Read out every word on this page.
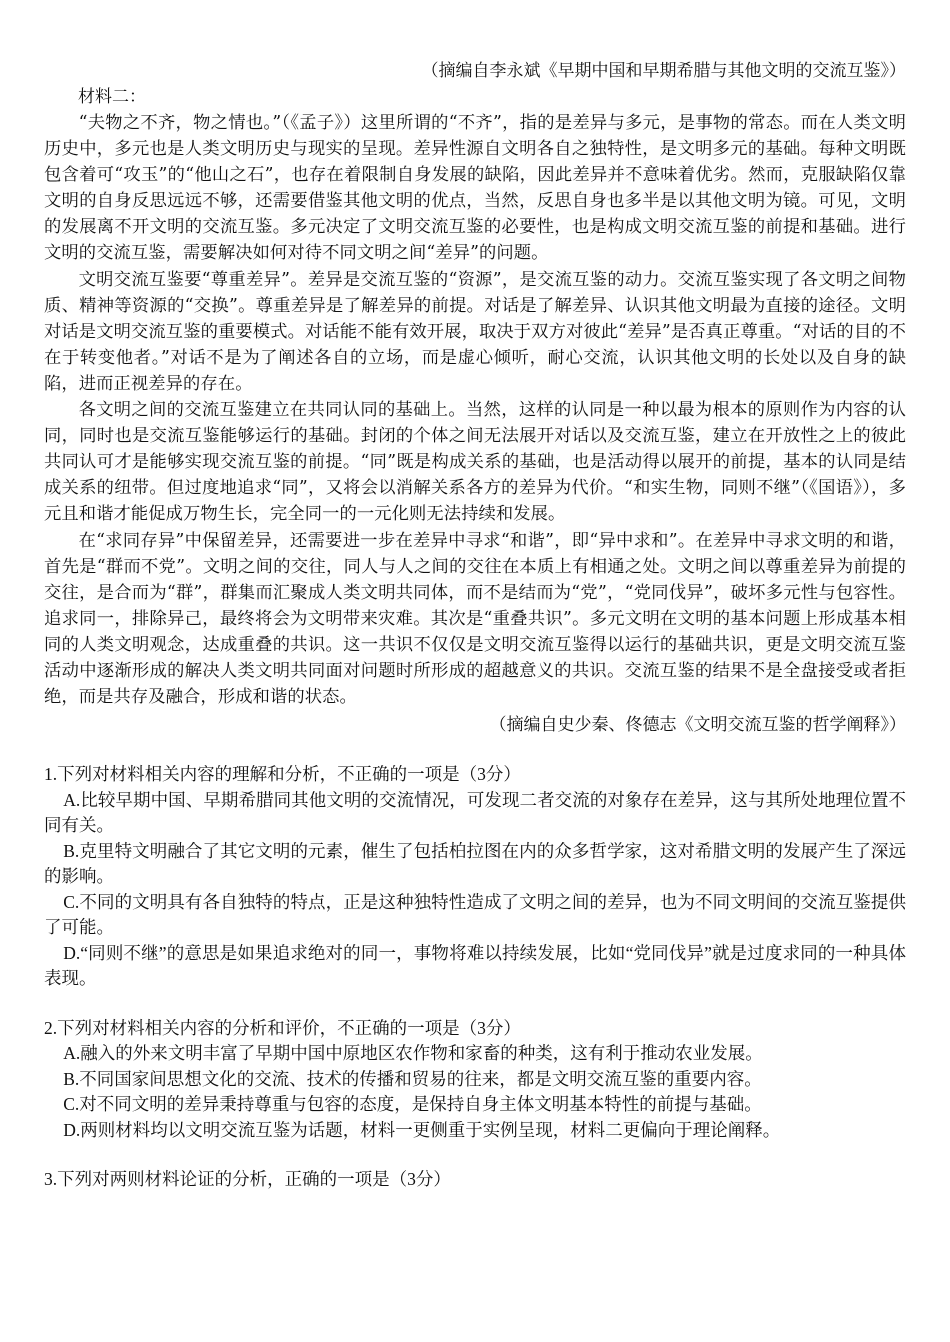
（摘编自李永斌《早期中国和早期希腊与其他文明的交流互鉴》）
材料二：

“夫物之不齐，物之情也。”（《孟子》）这里所谓的“不齐”，指的是差异与多元，是事物的常态。而在人类文明历史中，多元也是人类文明历史与现实的呈现。差异性源自文明各自之独特性，是文明多元的基础。每种文明既包含着可“攻玉”的“他山之石”，也存在着限制自身发展的缺陷，因此差异并不意味着优劣。然而，克服缺陷仅靠文明的自身反思远远不够，还需要借鉴其他文明的优点，当然，反思自身也多半是以其他文明为镜。可见，文明的发展离不开文明的交流互鉴。多元决定了文明交流互鉴的必要性，也是构成文明交流互鉴的前提和基础。进行文明的交流互鉴，需要解决如何对待不同文明之间“差异”的问题。

文明交流互鉴要“尊重差异”。差异是交流互鉴的“资源”，是交流互鉴的动力。交流互鉴实现了各文明之间物质、精神等资源的“交换”。尊重差异是了解差异的前提。对话是了解差异、认识其他文明最为直接的途径。文明对话是文明交流互鉴的重要模式。对话能不能有效开展，取决于双方对彼此“差异”是否真正尊重。“对话的目的不在于转变他者。”对话不是为了阐述各自的立场，而是虚心倾听，耐心交流，认识其他文明的长处以及自身的缺陷，进而正视差异的存在。

各文明之间的交流互鉴建立在共同认同的基础上。当然，这样的认同是一种以最为根本的原则作为内容的认同，同时也是交流互鉴能够运行的基础。封闭的个体之间无法展开对话以及交流互鉴，建立在开放性之上的彼此共同认可才是能够实现交流互鉴的前提。“同”既是构成关系的基础，也是活动得以展开的前提，基本的认同是结成关系的纽带。但过度地追求“同”，又将会以消解关系各方的差异为代价。“和实生物，同则不继”（《国语》），多元且和谐才能促成万物生长，完全同一的一元化则无法持续和发展。

在“求同存异”中保留差异，还需要进一步在差异中寻求“和谐”，即“异中求和”。在差异中寻求文明的和谐，首先是“群而不党”。文明之间的交往，同人与人之间的交往在本质上有相通之处。文明之间以尊重差异为前提的交往，是合而为“群”，群集而汇聚成人类文明共同体，而不是结而为“党”，“党同伐异”，破坏多元性与包容性。追求同一，排除异己，最终将会为文明带来灾难。其次是“重叠共识”。多元文明在文明的基本问题上形成基本相同的人类文明观念，达成重叠的共识。这一共识不仅仅是文明交流互鉴得以运行的基础共识，更是文明交流互鉴活动中逐渐形成的解决人类文明共同面对问题时所形成的超越意义的共识。交流互鉴的结果不是全盘接受或者拒绝，而是共存及融合，形成和谐的状态。

（摘编自史少秦、佟德志《文明交流互鉴的哲学阐释》）
1.下列对材料相关内容的理解和分析，不正确的一项是（3分）
A.比较早期中国、早期希腊同其他文明的交流情况，可发现二者交流的对象存在差异，这与其所处地理位置不同有关。
B.克里特文明融合了其它文明的元素，催生了包括柏拉图在内的众多哲学家，这对希腊文明的发展产生了深远的影响。
C.不同的文明具有各自独特的特点，正是这种独特性造成了文明之间的差异，也为不同文明间的交流互鉴提供了可能。
D.“同则不继”的意思是如果追求绝对的同一，事物将难以持续发展，比如“党同伐异”就是过度求同的一种具体表现。
2.下列对材料相关内容的分析和评价，不正确的一项是（3分）
A.融入的外来文明丰富了早期中国中原地区农作物和家畜的种类，这有利于推动农业发展。
B.不同国家间思想文化的交流、技术的传播和贸易的往来，都是文明交流互鉴的重要内容。
C.对不同文明的差异秉持尊重与包容的态度，是保持自身主体文明基本特性的前提与基础。
D.两则材料均以文明交流互鉴为话题，材料一更侧重于实例呈现，材料二更偏向于理论阐释。
3.下列对两则材料论证的分析，正确的一项是（3分）
